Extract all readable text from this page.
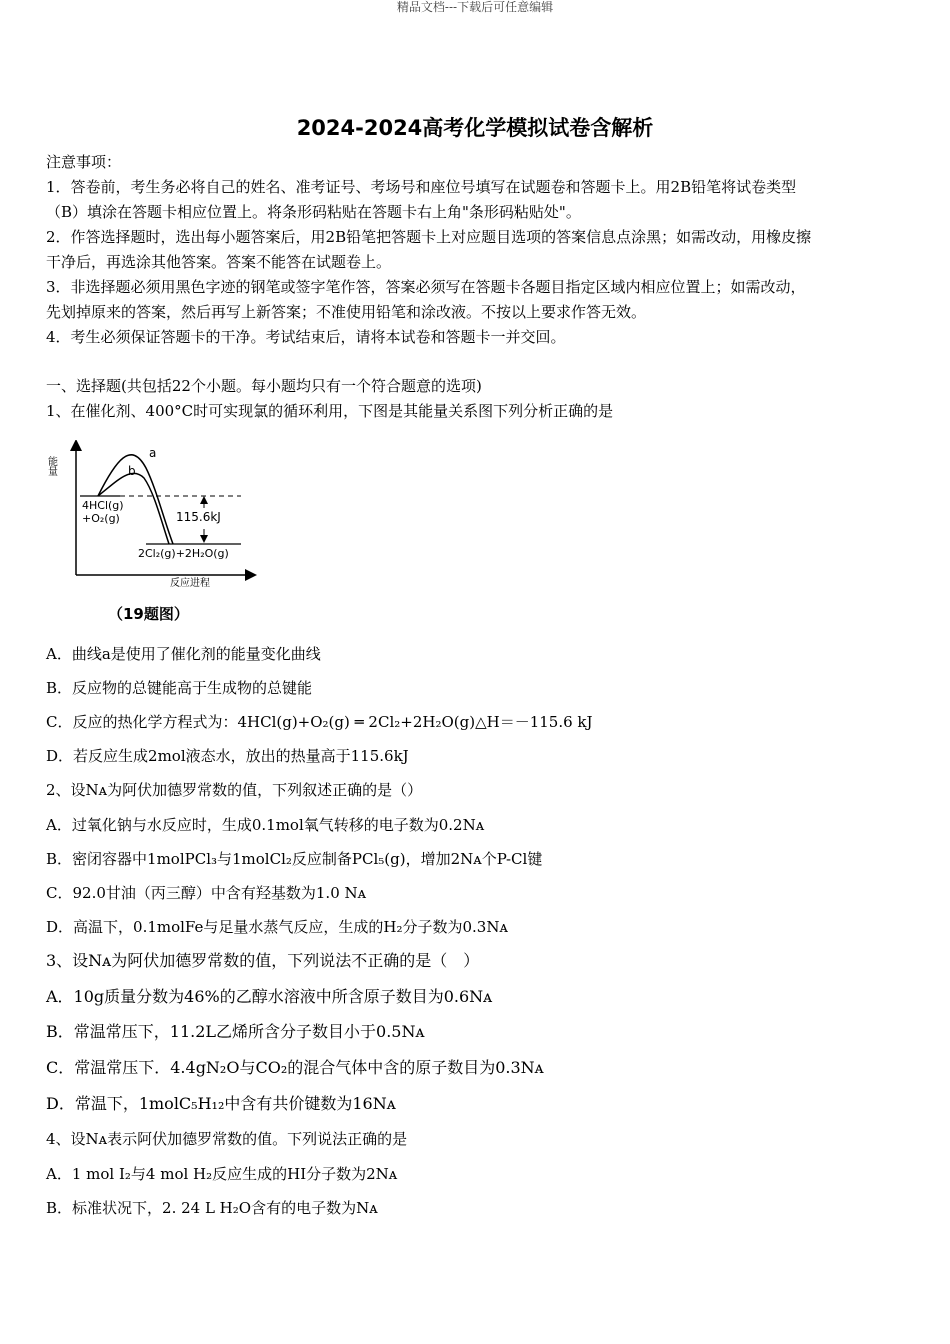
精品文档---下载后可任意编辑
2024-2024高考化学模拟试卷含解析
注意事项：
1．答卷前，考生务必将自己的姓名、准考证号、考场号和座位号填写在试题卷和答题卡上。用2B铅笔将试卷类型
（B）填涂在答题卡相应位置上。将条形码粘贴在答题卡右上角"条形码粘贴处"。
2．作答选择题时，选出每小题答案后，用2B铅笔把答题卡上对应题目选项的答案信息点涂黑；如需改动，用橡皮擦
干净后，再选涂其他答案。答案不能答在试题卷上。
3．非选择题必须用黑色字迹的钢笔或签字笔作答，答案必须写在答题卡各题目指定区域内相应位置上；如需改动，
先划掉原来的答案，然后再写上新答案；不准使用铅笔和涂改液。不按以上要求作答无效。
4．考生必须保证答题卡的干净。考试结束后，请将本试卷和答题卡一并交回。
一、选择题(共包括22个小题。每小题均只有一个符合题意的选项)
1、在催化剂、400°C时可实现氯的循环利用，下图是其能量关系图下列分析正确的是
能量
a
b
115.6kJ
4HCl(g)
+O₂(g)
2Cl₂(g)+2H₂O(g)
反应进程
（19题图）
A．曲线a是使用了催化剂的能量变化曲线
B．反应物的总键能高于生成物的总键能
C．反应的热化学方程式为：4HCl(g)+O₂(g) ═ 2Cl₂+2H₂O(g)△H＝－115.6 kJ
D．若反应生成2mol液态水，放出的热量高于115.6kJ
2、设Nᴀ为阿伏加德罗常数的值，下列叙述正确的是（）
A．过氧化钠与水反应时，生成0.1mol氧气转移的电子数为0.2Nᴀ
B．密闭容器中1molPCl₃与1molCl₂反应制备PCl₅(g)，增加2Nᴀ个P-Cl键
C．92.0甘油（丙三醇）中含有羟基数为1.0 Nᴀ
D．高温下，0.1molFe与足量水蒸气反应，生成的H₂分子数为0.3Nᴀ
3、设Nᴀ为阿伏加德罗常数的值，下列说法不正确的是（　）
A．10g质量分数为46%的乙醇水溶液中所含原子数目为0.6Nᴀ
B．常温常压下，11.2L乙烯所含分子数目小于0.5Nᴀ
C．常温常压下．4.4gN₂O与CO₂的混合气体中含的原子数目为0.3Nᴀ
D．常温下，1molC₅H₁₂中含有共价键数为16Nᴀ
4、设Nᴀ表示阿伏加德罗常数的值。下列说法正确的是
A．1 mol I₂与4 mol H₂反应生成的HI分子数为2Nᴀ
B．标准状况下，2. 24 L H₂O含有的电子数为Nᴀ
